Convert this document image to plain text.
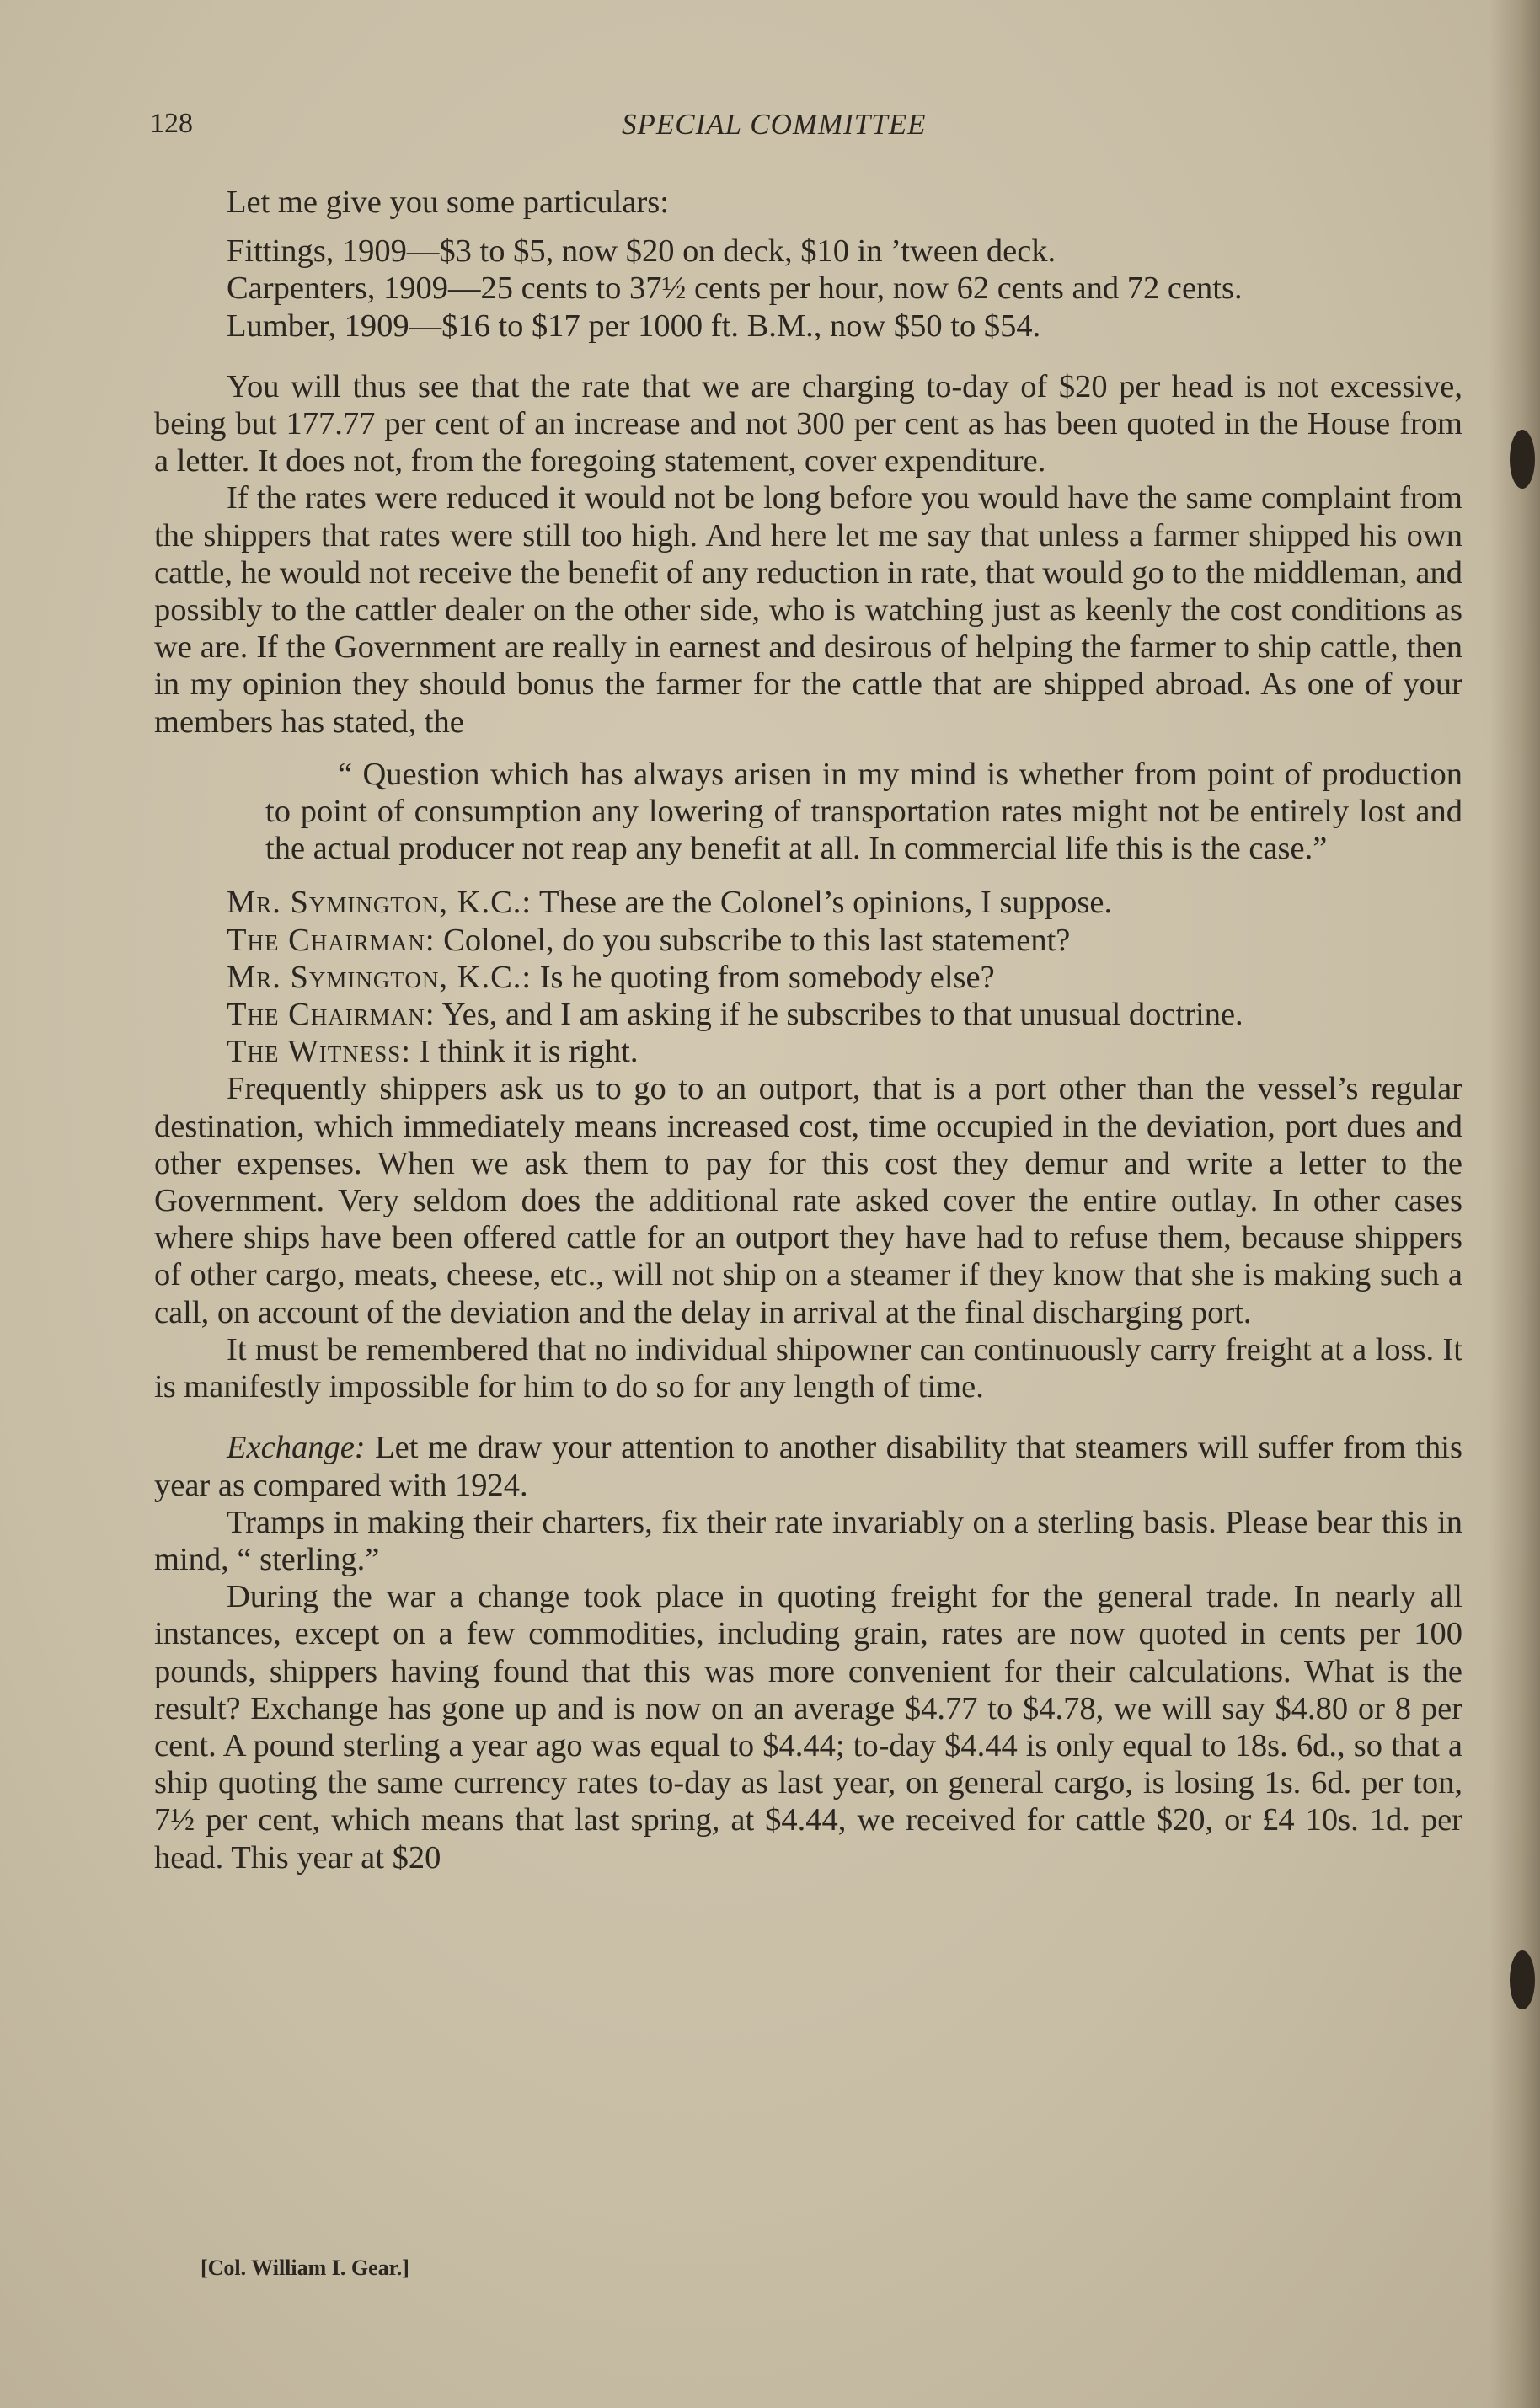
128	SPECIAL COMMITTEE

Let me give you some particulars:

Fittings, 1909—$3 to $5, now $20 on deck, $10 in ’tween deck.
Carpenters, 1909—25 cents to 37½ cents per hour, now 62 cents and 72 cents.
Lumber, 1909—$16 to $17 per 1000 ft. B.M., now $50 to $54.

You will thus see that the rate that we are charging to-day of $20 per head is not excessive, being but 177.77 per cent of an increase and not 300 per cent as has been quoted in the House from a letter. It does not, from the foregoing statement, cover expenditure.

If the rates were reduced it would not be long before you would have the same complaint from the shippers that rates were still too high. And here let me say that unless a farmer shipped his own cattle, he would not receive the benefit of any reduction in rate, that would go to the middleman, and possibly to the cattler dealer on the other side, who is watching just as keenly the cost conditions as we are. If the Government are really in earnest and desirous of helping the farmer to ship cattle, then in my opinion they should bonus the farmer for the cattle that are shipped abroad. As one of your members has stated, the

“ Question which has always arisen in my mind is whether from point of production to point of consumption any lowering of transportation rates might not be entirely lost and the actual producer not reap any benefit at all. In commercial life this is the case.”

Mr. Symington, K.C.: These are the Colonel’s opinions, I suppose.

The Chairman: Colonel, do you subscribe to this last statement?

Mr. Symington, K.C.: Is he quoting from somebody else?

The Chairman: Yes, and I am asking if he subscribes to that unusual doctrine.

The Witness: I think it is right.

Frequently shippers ask us to go to an outport, that is a port other than the vessel’s regular destination, which immediately means increased cost, time occupied in the deviation, port dues and other expenses. When we ask them to pay for this cost they demur and write a letter to the Government. Very seldom does the additional rate asked cover the entire outlay. In other cases where ships have been offered cattle for an outport they have had to refuse them, because shippers of other cargo, meats, cheese, etc., will not ship on a steamer if they know that she is making such a call, on account of the deviation and the delay in arrival at the final discharging port.

It must be remembered that no individual shipowner can continuously carry freight at a loss. It is manifestly impossible for him to do so for any length of time.

Exchange: Let me draw your attention to another disability that steamers will suffer from this year as compared with 1924.

Tramps in making their charters, fix their rate invariably on a sterling basis. Please bear this in mind, “ sterling.”

During the war a change took place in quoting freight for the general trade. In nearly all instances, except on a few commodities, including grain, rates are now quoted in cents per 100 pounds, shippers having found that this was more convenient for their calculations. What is the result? Exchange has gone up and is now on an average $4.77 to $4.78, we will say $4.80 or 8 per cent. A pound sterling a year ago was equal to $4.44; to-day $4.44 is only equal to 18s. 6d., so that a ship quoting the same currency rates to-day as last year, on general cargo, is losing 1s. 6d. per ton, 7½ per cent, which means that last spring, at $4.44, we received for cattle $20, or £4 10s. 1d. per head. This year at $20

[Col. William I. Gear.]
